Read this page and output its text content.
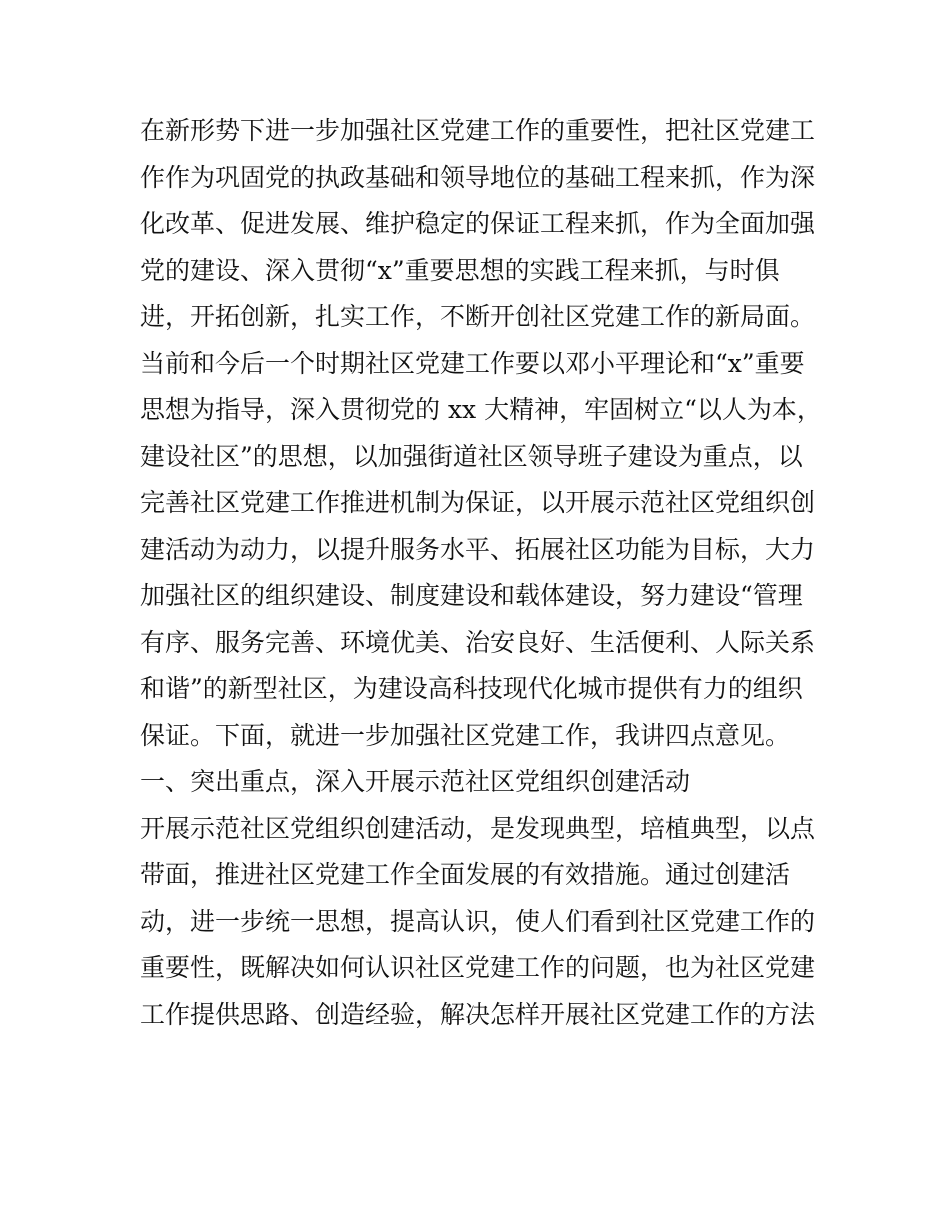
在新形势下进一步加强社区党建工作的重要性，把社区党建工
作作为巩固党的执政基础和领导地位的基础工程来抓，作为深
化改革、促进发展、维护稳定的保证工程来抓，作为全面加强
党的建设、深入贯彻“x”重要思想的实践工程来抓，与时俱
进，开拓创新，扎实工作，不断开创社区党建工作的新局面。
当前和今后一个时期社区党建工作要以邓小平理论和“x”重要
思想为指导，深入贯彻党的 xx 大精神，牢固树立“以人为本，
建设社区”的思想，以加强街道社区领导班子建设为重点，以
完善社区党建工作推进机制为保证，以开展示范社区党组织创
建活动为动力，以提升服务水平、拓展社区功能为目标，大力
加强社区的组织建设、制度建设和载体建设，努力建设“管理
有序、服务完善、环境优美、治安良好、生活便利、人际关系
和谐”的新型社区，为建设高科技现代化城市提供有力的组织
保证。下面，就进一步加强社区党建工作，我讲四点意见。
一、突出重点，深入开展示范社区党组织创建活动
开展示范社区党组织创建活动，是发现典型，培植典型，以点
带面，推进社区党建工作全面发展的有效措施。通过创建活
动，进一步统一思想，提高认识，使人们看到社区党建工作的
重要性，既解决如何认识社区党建工作的问题，也为社区党建
工作提供思路、创造经验，解决怎样开展社区党建工作的方法
